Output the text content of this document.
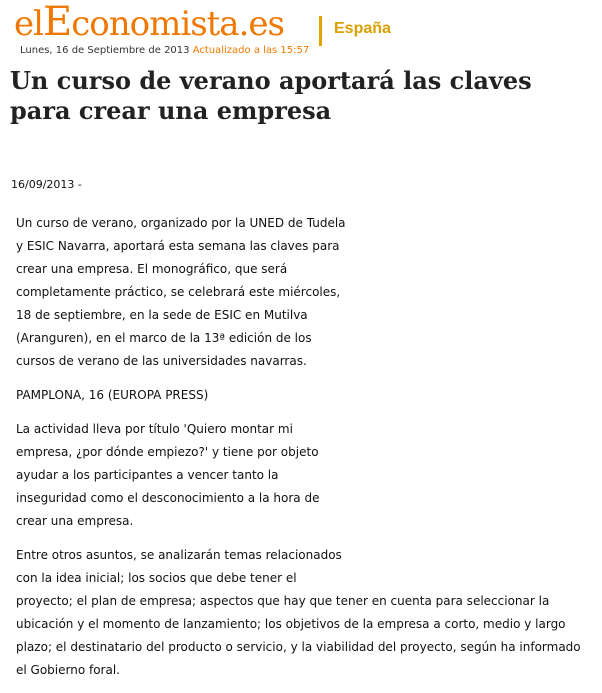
elEconomista.es	España
Lunes, 16 de Septiembre de 2013 Actualizado a las 15:57
Un curso de verano aportará las claves
para crear una empresa
16/09/2013 -

Un curso de verano, organizado por la UNED de Tudela
y ESIC Navarra, aportará esta semana las claves para
crear una empresa. El monográfico, que será
completamente práctico, se celebrará este miércoles,
18 de septiembre, en la sede de ESIC en Mutilva
(Aranguren), en el marco de la 13ª edición de los
cursos de verano de las universidades navarras.

PAMPLONA, 16 (EUROPA PRESS)

La actividad lleva por título 'Quiero montar mi
empresa, ¿por dónde empiezo?' y tiene por objeto
ayudar a los participantes a vencer tanto la
inseguridad como el desconocimiento a la hora de
crear una empresa.

Entre otros asuntos, se analizarán temas relacionados
con la idea inicial; los socios que debe tener el
proyecto; el plan de empresa; aspectos que hay que tener en cuenta para seleccionar la
ubicación y el momento de lanzamiento; los objetivos de la empresa a corto, medio y largo
plazo; el destinatario del producto o servicio, y la viabilidad del proyecto, según ha informado
el Gobierno foral.
